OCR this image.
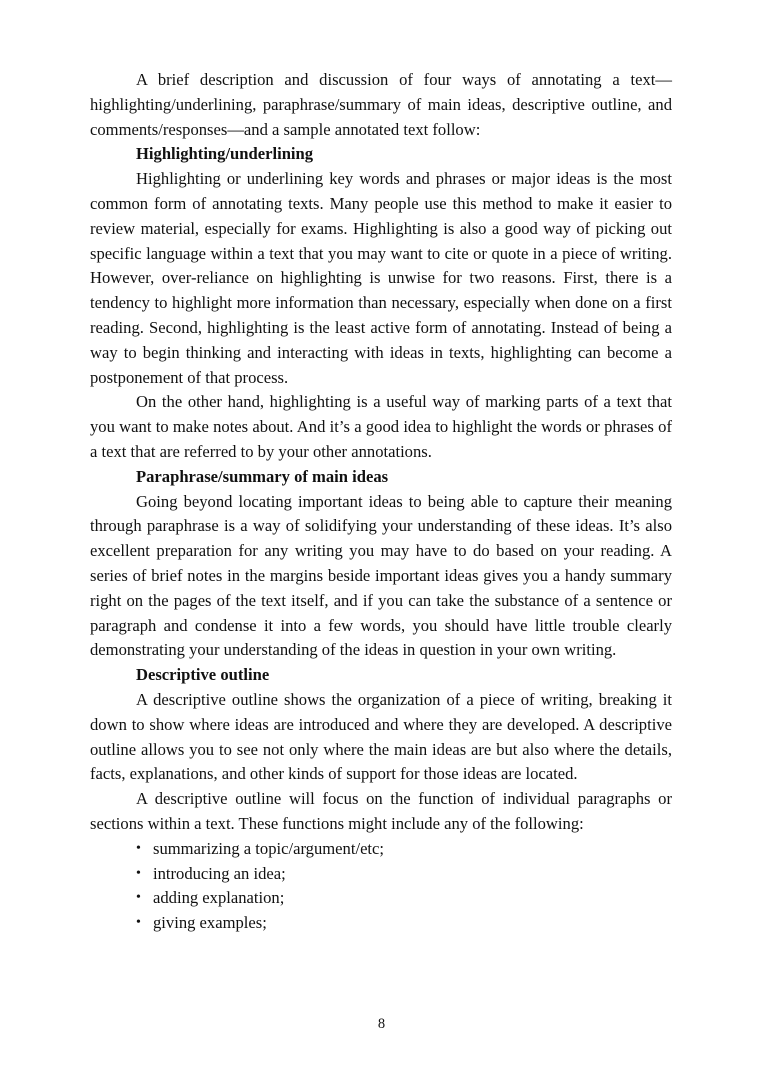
A brief description and discussion of four ways of annotating a text—highlighting/underlining, paraphrase/summary of main ideas, descriptive outline, and comments/responses—and a sample annotated text follow:

Highlighting/underlining

Highlighting or underlining key words and phrases or major ideas is the most common form of annotating texts. Many people use this method to make it easier to review material, especially for exams. Highlighting is also a good way of picking out specific language within a text that you may want to cite or quote in a piece of writing. However, over-reliance on highlighting is unwise for two reasons. First, there is a tendency to highlight more information than necessary, especially when done on a first reading. Second, highlighting is the least active form of annotating. Instead of being a way to begin thinking and interacting with ideas in texts, highlighting can become a postponement of that process.

On the other hand, highlighting is a useful way of marking parts of a text that you want to make notes about. And it’s a good idea to highlight the words or phrases of a text that are referred to by your other annotations.

Paraphrase/summary of main ideas

Going beyond locating important ideas to being able to capture their meaning through paraphrase is a way of solidifying your understanding of these ideas. It’s also excellent preparation for any writing you may have to do based on your reading. A series of brief notes in the margins beside important ideas gives you a handy summary right on the pages of the text itself, and if you can take the substance of a sentence or paragraph and condense it into a few words, you should have little trouble clearly demonstrating your understanding of the ideas in question in your own writing.

Descriptive outline

A descriptive outline shows the organization of a piece of writing, breaking it down to show where ideas are introduced and where they are developed. A descriptive outline allows you to see not only where the main ideas are but also where the details, facts, explanations, and other kinds of support for those ideas are located.

A descriptive outline will focus on the function of individual paragraphs or sections within a text. These functions might include any of the following:

• summarizing a topic/argument/etc;
• introducing an idea;
• adding explanation;
• giving examples;
8
